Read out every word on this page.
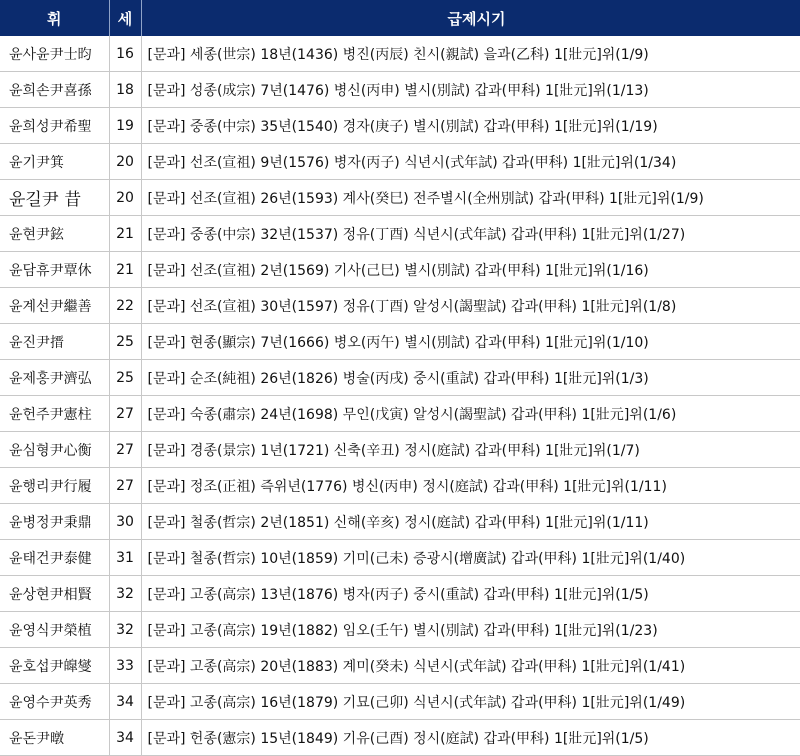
휘	세	급제시기
윤사윤尹士昀	16	[문과] 세종(世宗) 18년(1436) 병진(丙辰) 친시(親試) 을과(乙科) 1[壯元]위(1/9)
윤희손尹喜孫	18	[문과] 성종(成宗) 7년(1476) 병신(丙申) 별시(別試) 갑과(甲科) 1[壯元]위(1/13)
윤희성尹希聖	19	[문과] 중종(中宗) 35년(1540) 경자(庚子) 별시(別試) 갑과(甲科) 1[壯元]위(1/19)
윤기尹箕	20	[문과] 선조(宣祖) 9년(1576) 병자(丙子) 식년시(式年試) 갑과(甲科) 1[壯元]위(1/34)
윤길尹 昔	20	[문과] 선조(宣祖) 26년(1593) 계사(癸巳) 전주별시(全州別試) 갑과(甲科) 1[壯元]위(1/9)
윤현尹鉉	21	[문과] 중종(中宗) 32년(1537) 정유(丁酉) 식년시(式年試) 갑과(甲科) 1[壯元]위(1/27)
윤담휴尹覃休	21	[문과] 선조(宣祖) 2년(1569) 기사(己巳) 별시(別試) 갑과(甲科) 1[壯元]위(1/16)
윤계선尹繼善	22	[문과] 선조(宣祖) 30년(1597) 정유(丁酉) 알성시(謁聖試) 갑과(甲科) 1[壯元]위(1/8)
윤진尹搢	25	[문과] 현종(顯宗) 7년(1666) 병오(丙午) 별시(別試) 갑과(甲科) 1[壯元]위(1/10)
윤제홍尹濟弘	25	[문과] 순조(純祖) 26년(1826) 병술(丙戌) 중시(重試) 갑과(甲科) 1[壯元]위(1/3)
윤헌주尹憲柱	27	[문과] 숙종(肅宗) 24년(1698) 무인(戊寅) 알성시(謁聖試) 갑과(甲科) 1[壯元]위(1/6)
윤심형尹心衡	27	[문과] 경종(景宗) 1년(1721) 신축(辛丑) 정시(庭試) 갑과(甲科) 1[壯元]위(1/7)
윤행리尹行履	27	[문과] 정조(正祖) 즉위년(1776) 병신(丙申) 정시(庭試) 갑과(甲科) 1[壯元]위(1/11)
윤병정尹秉鼎	30	[문과] 철종(哲宗) 2년(1851) 신해(辛亥) 정시(庭試) 갑과(甲科) 1[壯元]위(1/11)
윤태건尹泰健	31	[문과] 철종(哲宗) 10년(1859) 기미(己未) 증광시(增廣試) 갑과(甲科) 1[壯元]위(1/40)
윤상현尹相賢	32	[문과] 고종(高宗) 13년(1876) 병자(丙子) 중시(重試) 갑과(甲科) 1[壯元]위(1/5)
윤영식尹榮植	32	[문과] 고종(高宗) 19년(1882) 임오(壬午) 별시(別試) 갑과(甲科) 1[壯元]위(1/23)
윤호섭尹皥燮	33	[문과] 고종(高宗) 20년(1883) 계미(癸未) 식년시(式年試) 갑과(甲科) 1[壯元]위(1/41)
윤영수尹英秀	34	[문과] 고종(高宗) 16년(1879) 기묘(己卯) 식년시(式年試) 갑과(甲科) 1[壯元]위(1/49)
윤돈尹暾	34	[문과] 헌종(憲宗) 15년(1849) 기유(己酉) 정시(庭試) 갑과(甲科) 1[壯元]위(1/5)
